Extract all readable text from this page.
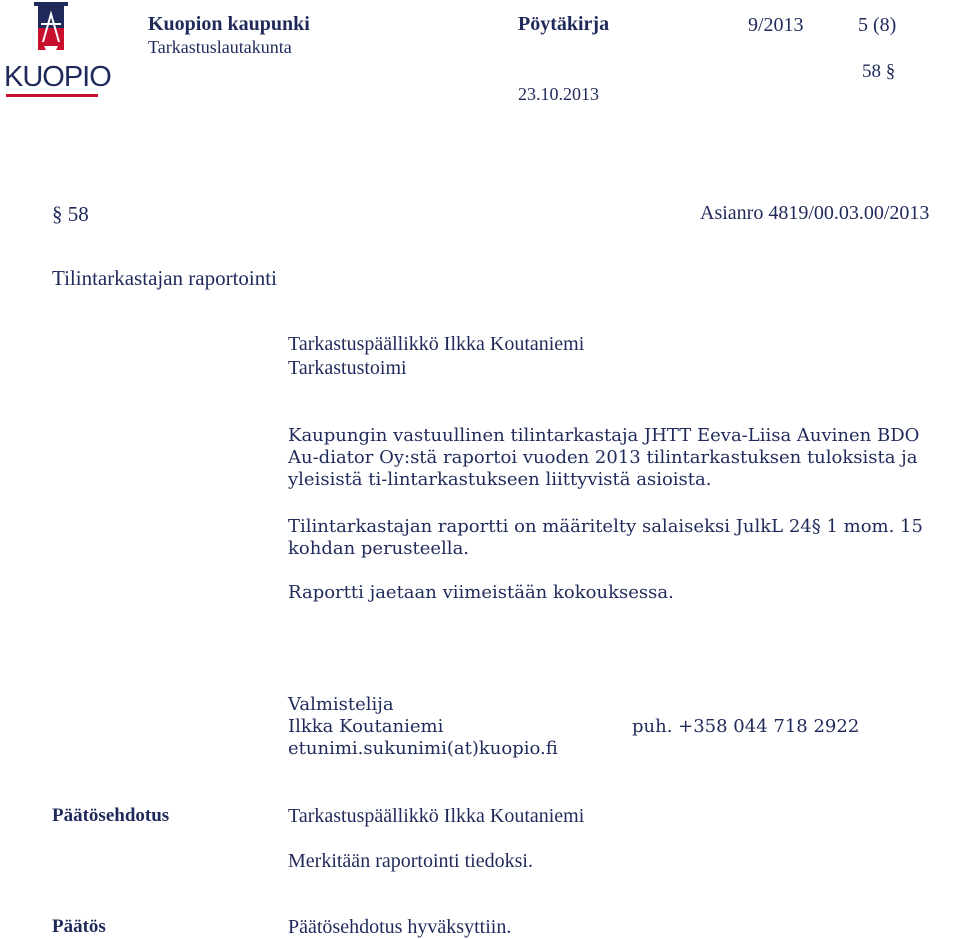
KUOPIO
Kuopion kaupunki
Tarkastuslautakunta
Pöytäkirja	9/2013	5 (8)
58 §
23.10.2013
§ 58	Asianro 4819/00.03.00/2013
Tilintarkastajan raportointi
Tarkastuspäällikkö Ilkka Koutaniemi
Tarkastustoimi
Kaupungin vastuullinen tilintarkastaja JHTT Eeva-Liisa Auvinen BDO Au-diator Oy:stä raportoi vuoden 2013 tilintarkastuksen tuloksista ja yleisistä ti-lintarkastukseen liittyvistä asioista.
Tilintarkastajan raportti on määritelty salaiseksi JulkL 24§ 1 mom. 15 kohdan perusteella.
Raportti jaetaan viimeistään kokouksessa.
Valmistelija
Ilkka Koutaniemi	puh. +358 044 718 2922
etunimi.sukunimi(at)kuopio.fi
Päätösehdotus	Tarkastuspäällikkö Ilkka Koutaniemi
Merkitään raportointi tiedoksi.
Päätös	Päätösehdotus hyväksyttiin.
